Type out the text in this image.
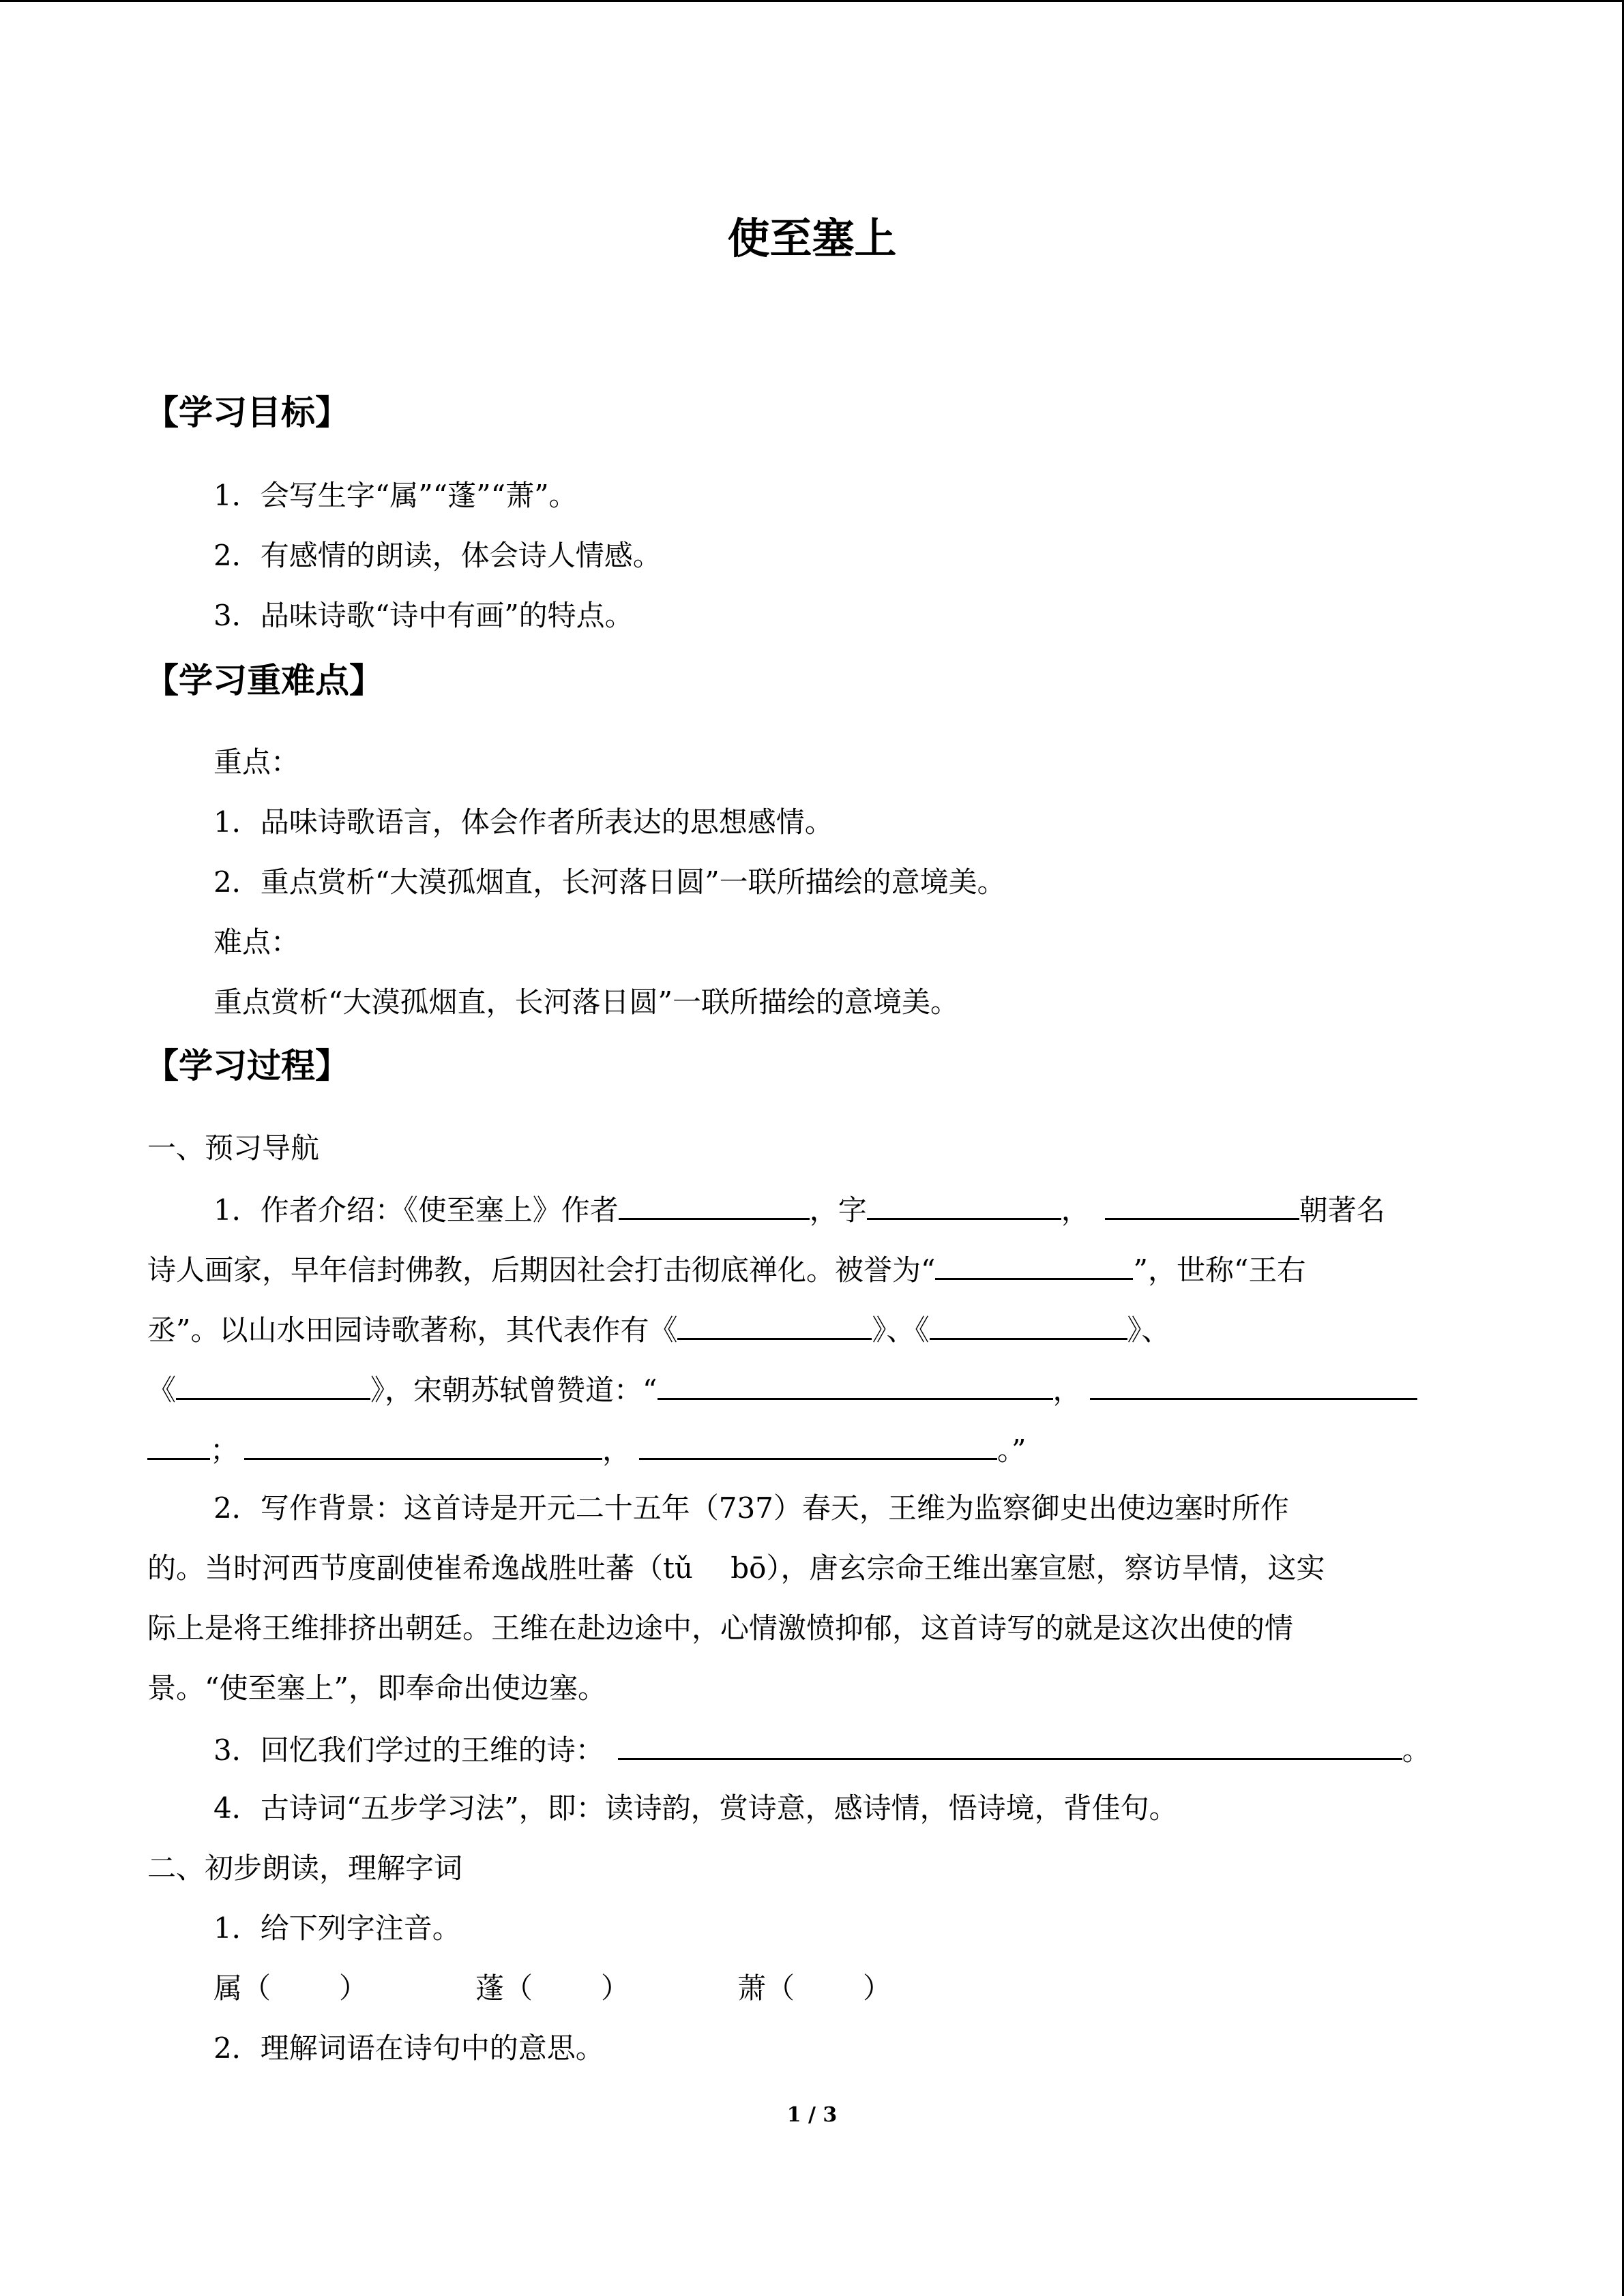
使至塞上
【学习目标】
1．会写生字“属”“蓬”“萧”。
2．有感情的朗读，体会诗人情感。
3．品味诗歌“诗中有画”的特点。
【学习重难点】
重点：
1．品味诗歌语言，体会作者所表达的思想感情。
2．重点赏析“大漠孤烟直，长河落日圆”一联所描绘的意境美。
难点：
重点赏析“大漠孤烟直，长河落日圆”一联所描绘的意境美。
【学习过程】
一、预习导航
1．作者介绍：《使至塞上》作者	，字	，	朝著名
诗人画家，早年信封佛教，后期因社会打击彻底禅化。被誉为“	”，世称“王右
丞”。以山水田园诗歌著称，其代表作有《	》、《	》、
《	》，宋朝苏轼曾赞道：“	，
；	，	。”
2．写作背景：这首诗是开元二十五年（737）春天，王维为监察御史出使边塞时所作
的。当时河西节度副使崔希逸战胜吐蕃（tǔ　 bō），唐玄宗命王维出塞宣慰，察访旱情，这实
际上是将王维排挤出朝廷。王维在赴边途中，心情激愤抑郁，这首诗写的就是这次出使的情
景。“使至塞上”，即奉命出使边塞。
3．回忆我们学过的王维的诗：	。
4．古诗词“五步学习法”，即：读诗韵，赏诗意，感诗情，悟诗境，背佳句。
二、初步朗读，理解字词
1．给下列字注音。
属（ ）	蓬（ ）	萧（ ）
2．理解词语在诗句中的意思。
1 / 3
